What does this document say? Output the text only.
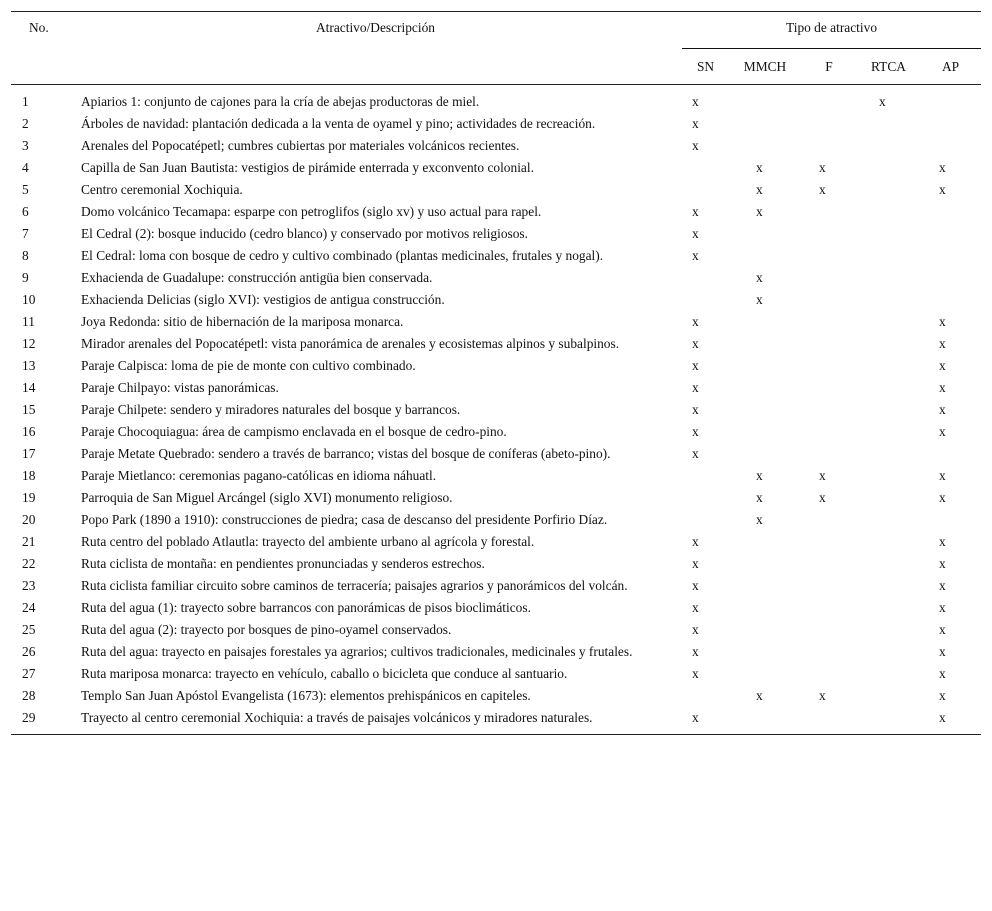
No.	Atractivo/Descripción	Tipo de atractivo				
		SN	MMCH	F	RTCA	AP
1	Apiarios 1: conjunto de cajones para la cría de abejas productoras de miel.	x			x	
2	Árboles de navidad: plantación dedicada a la venta de oyamel y pino; actividades de recreación.	x				
3	Arenales del Popocatépetl; cumbres cubiertas por materiales volcánicos recientes.	x				
4	Capilla de San Juan Bautista: vestigios de pirámide enterrada y exconvento colonial.		x	x		x
5	Centro ceremonial Xochiquia.		x	x		x
6	Domo volcánico Tecamapa: esparpe con petroglifos (siglo xv) y uso actual para rapel.	x	x			
7	El Cedral (2): bosque inducido (cedro blanco) y conservado por motivos religiosos.	x				
8	El Cedral: loma con bosque de cedro y cultivo combinado (plantas medicinales, frutales y nogal).	x				
9	Exhacienda de Guadalupe: construcción antigüa bien conservada.		x			
10	Exhacienda Delicias (siglo XVI): vestigios de antigua construcción.		x			
11	Joya Redonda: sitio de hibernación de la mariposa monarca.	x				x
12	Mirador arenales del Popocatépetl: vista panorámica de arenales y ecosistemas alpinos y subalpinos.	x				x
13	Paraje Calpisca: loma de pie de monte con cultivo combinado.	x				x
14	Paraje Chilpayo: vistas panorámicas.	x				x
15	Paraje Chilpete: sendero y miradores naturales del bosque y barrancos.	x				x
16	Paraje Chocoquiagua: área de campismo enclavada en el bosque de cedro-pino.	x				x
17	Paraje Metate Quebrado: sendero a través de barranco; vistas del bosque de coníferas (abeto-pino).	x				
18	Paraje Mietlanco: ceremonias pagano-católicas en idioma náhuatl.		x	x		x
19	Parroquia de San Miguel Arcángel (siglo XVI) monumento religioso.		x	x		x
20	Popo Park (1890 a 1910): construcciones de piedra; casa de descanso del presidente Porfirio Díaz.		x			
21	Ruta centro del poblado Atlautla: trayecto del ambiente urbano al agrícola y forestal.	x				x
22	Ruta ciclista de montaña: en pendientes pronunciadas y senderos estrechos.	x				x
23	Ruta ciclista familiar circuito sobre caminos de terracería; paisajes agrarios y panorámicos del volcán.	x				x
24	Ruta del agua (1): trayecto sobre barrancos con panorámicas de pisos bioclimáticos.	x				x
25	Ruta del agua (2): trayecto por bosques de pino-oyamel conservados.	x				x
26	Ruta del agua: trayecto en paisajes forestales ya agrarios; cultivos tradicionales, medicinales y frutales.	x				x
27	Ruta mariposa monarca: trayecto en vehículo, caballo o bicicleta que conduce al santuario.	x				x
28	Templo San Juan Apóstol Evangelista (1673): elementos prehispánicos en capiteles.		x	x		x
29	Trayecto al centro ceremonial Xochiquia: a través de paisajes volcánicos y miradores naturales.	x				x
